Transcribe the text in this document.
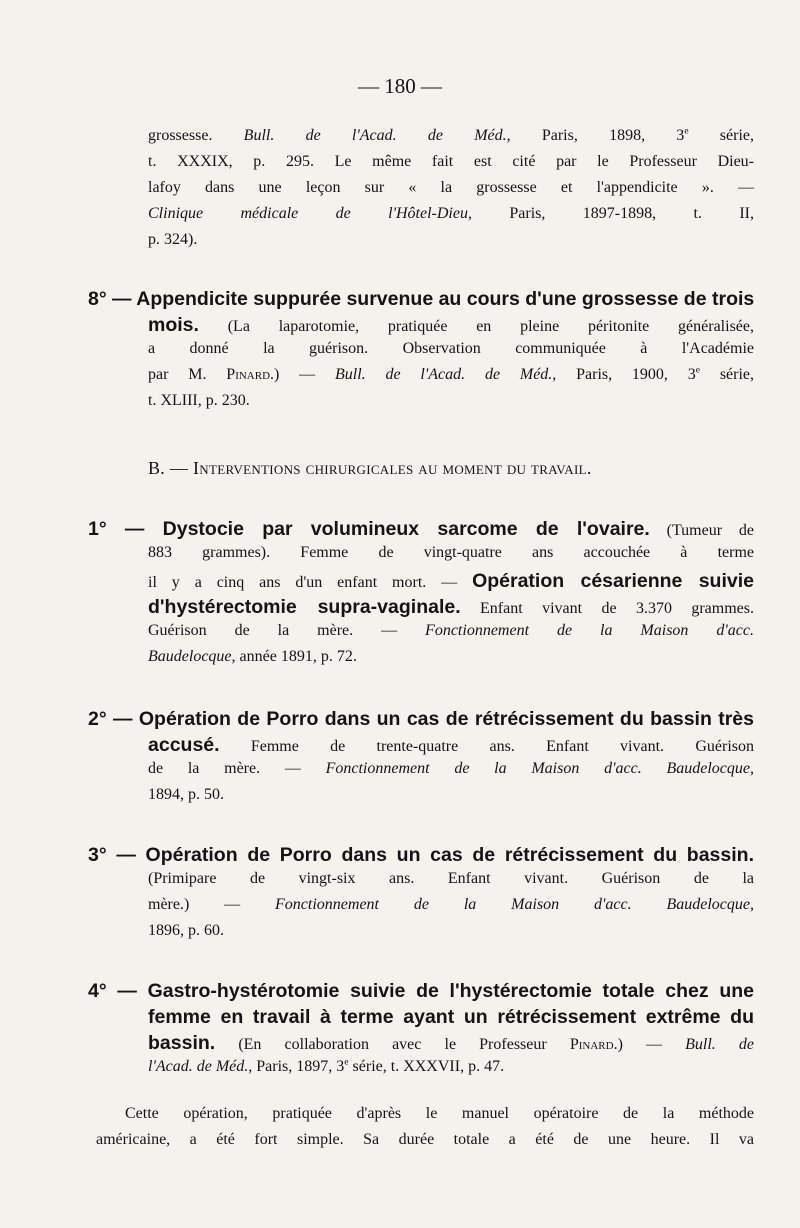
— 180 —
grossesse. Bull. de l'Acad. de Méd., Paris, 1898, 3e série,
t. XXXIX, p. 295. Le même fait est cité par le Professeur Dieu-
lafoy dans une leçon sur « la grossesse et l'appendicite ». —
Clinique médicale de l'Hôtel-Dieu, Paris, 1897-1898, t. II,
p. 324).
8° — Appendicite suppurée survenue au cours d'une grossesse de trois
mois. (La laparotomie, pratiquée en pleine péritonite généralisée,
a donné la guérison. Observation communiquée à l'Académie
par M. Pinard.) — Bull. de l'Acad. de Méd., Paris, 1900, 3e série,
t. XLIII, p. 230.
B. — Interventions chirurgicales au moment du travail.
1° — Dystocie par volumineux sarcome de l'ovaire. (Tumeur de
883 grammes). Femme de vingt-quatre ans accouchée à terme
il y a cinq ans d'un enfant mort. — Opération césarienne suivie
d'hystérectomie supra-vaginale. Enfant vivant de 3.370 grammes.
Guérison de la mère. — Fonctionnement de la Maison d'acc.
Baudelocque, année 1891, p. 72.
2° — Opération de Porro dans un cas de rétrécissement du bassin très
accusé. Femme de trente-quatre ans. Enfant vivant. Guérison
de la mère. — Fonctionnement de la Maison d'acc. Baudelocque,
1894, p. 50.
3° — Opération de Porro dans un cas de rétrécissement du bassin.
(Primipare de vingt-six ans. Enfant vivant. Guérison de la
mère.) — Fonctionnement de la Maison d'acc. Baudelocque,
1896, p. 60.
4° — Gastro-hystérotomie suivie de l'hystérectomie totale chez une
femme en travail à terme ayant un rétrécissement extrême du
bassin. (En collaboration avec le Professeur Pinard.) — Bull. de
l'Acad. de Méd., Paris, 1897, 3e série, t. XXXVII, p. 47.
Cette opération, pratiquée d'après le manuel opératoire de la méthode
américaine, a été fort simple. Sa durée totale a été de une heure. Il va
